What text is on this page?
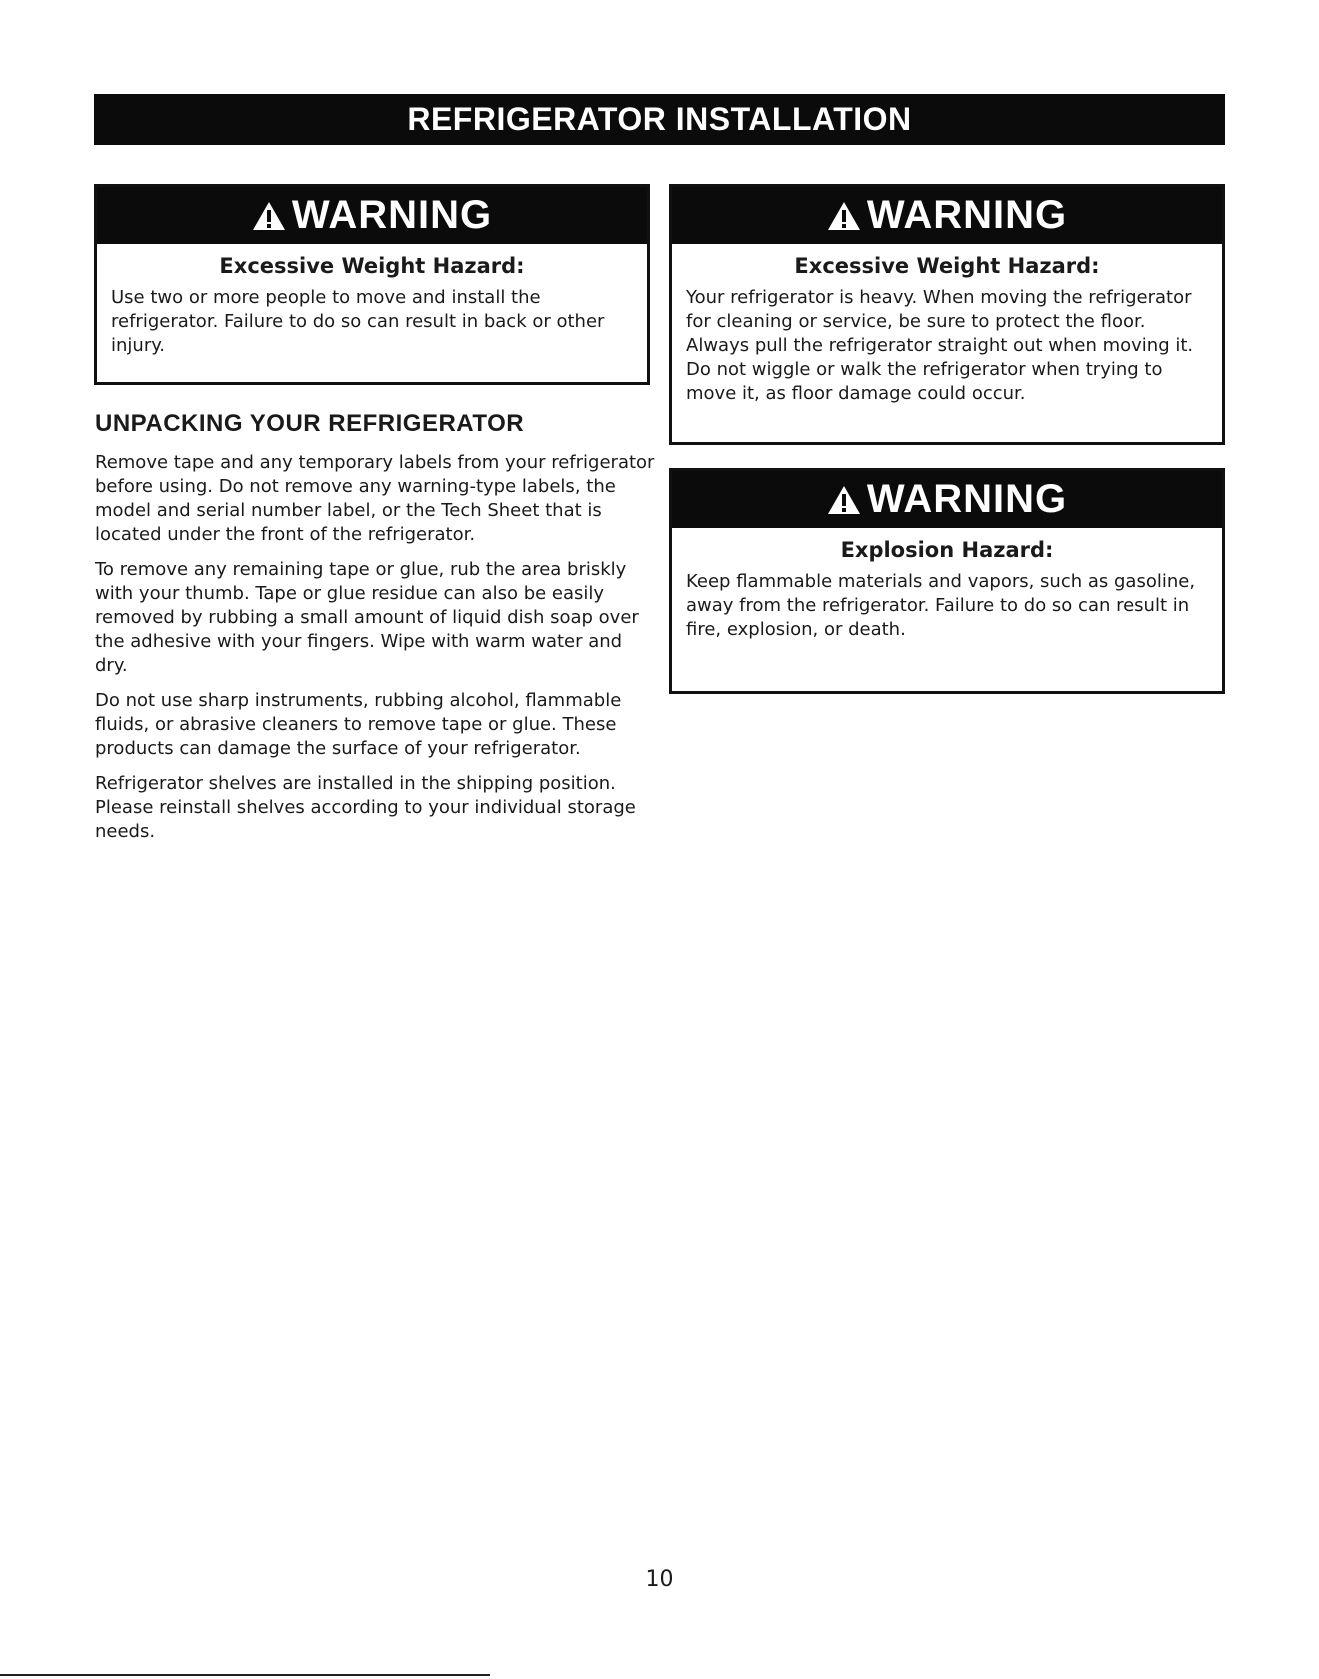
REFRIGERATOR INSTALLATION
WARNING
Excessive Weight Hazard:
Use two or more people to move and install the refrigerator. Failure to do so can result in back or other injury.
WARNING
Excessive Weight Hazard:
Your refrigerator is heavy. When moving the refrigerator for cleaning or service, be sure to protect the floor. Always pull the refrigerator straight out when moving it. Do not wiggle or walk the refrigerator when trying to move it, as floor damage could occur.
WARNING
Explosion Hazard:
Keep flammable materials and vapors, such as gasoline, away from the refrigerator. Failure to do so can result in fire, explosion, or death.
UNPACKING YOUR REFRIGERATOR

Remove tape and any temporary labels from your refrigerator before using. Do not remove any warning-type labels, the model and serial number label, or the Tech Sheet that is located under the front of the refrigerator.

To remove any remaining tape or glue, rub the area briskly with your thumb. Tape or glue residue can also be easily removed by rubbing a small amount of liquid dish soap over the adhesive with your fingers. Wipe with warm water and dry.

Do not use sharp instruments, rubbing alcohol, flammable fluids, or abrasive cleaners to remove tape or glue. These products can damage the surface of your refrigerator.

Refrigerator shelves are installed in the shipping position. Please reinstall shelves according to your individual storage needs.

10
